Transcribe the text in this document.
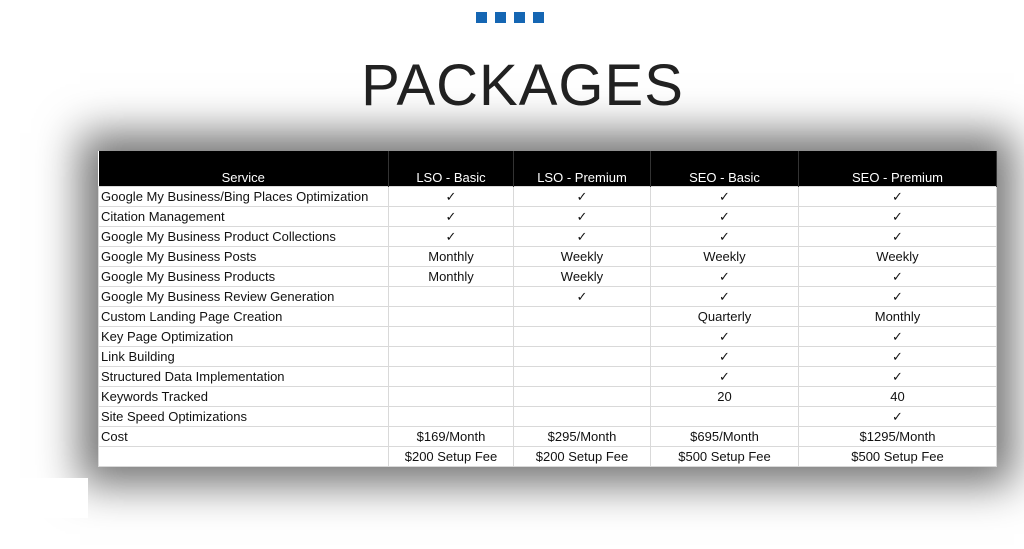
PACKAGES
Service	LSO - Basic	LSO - Premium	SEO - Basic	SEO - Premium
Google My Business/Bing Places Optimization	✓	✓	✓	✓
Citation Management	✓	✓	✓	✓
Google My Business Product Collections	✓	✓	✓	✓
Google My Business Posts	Monthly	Weekly	Weekly	Weekly
Google My Business Products	Monthly	Weekly	✓	✓
Google My Business Review Generation		✓	✓	✓
Custom Landing Page Creation			Quarterly	Monthly
Key Page Optimization			✓	✓
Link Building			✓	✓
Structured Data Implementation			✓	✓
Keywords Tracked			20	40
Site Speed Optimizations				✓
Cost	$169/Month	$295/Month	$695/Month	$1295/Month
	$200 Setup Fee	$200 Setup Fee	$500 Setup Fee	$500 Setup Fee
